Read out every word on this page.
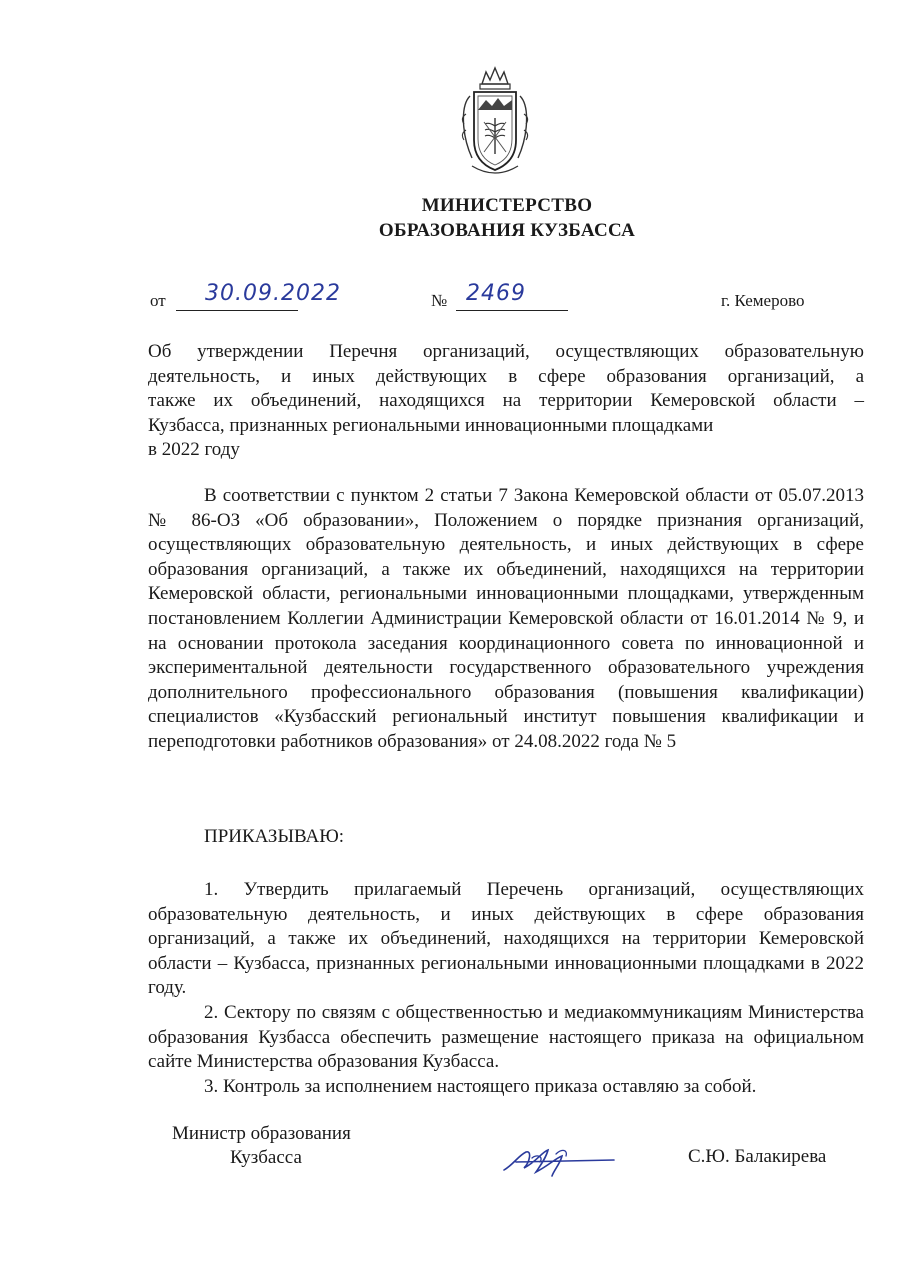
МИНИСТЕРСТВО
ОБРАЗОВАНИЯ КУЗБАССА
от 30.09.2022	№ 2469	г. Кемерово
Об утверждении Перечня организаций, осуществляющих образовательную
деятельность, и иных действующих в сфере образования организаций, а
также их объединений, находящихся на территории Кемеровской области –
Кузбасса, признанных региональными инновационными площадками
в 2022 году

В соответствии с пунктом 2 статьи 7 Закона Кемеровской области от 05.07.2013 № 86-ОЗ «Об образовании», Положением о порядке признания организаций, осуществляющих образовательную деятельность, и иных действующих в сфере образования организаций, а также их объединений, находящихся на территории Кемеровской области, региональными инновационными площадками, утвержденным постановлением Коллегии Администрации Кемеровской области от 16.01.2014 № 9, и на основании протокола заседания координационного совета по инновационной и экспериментальной деятельности государственного образовательного учреждения дополнительного профессионального образования (повышения квалификации) специалистов «Кузбасский региональный институт повышения квалификации и переподготовки работников образования» от 24.08.2022 года № 5

ПРИКАЗЫВАЮ:

1. Утвердить прилагаемый Перечень организаций, осуществляющих образовательную деятельность, и иных действующих в сфере образования организаций, а также их объединений, находящихся на территории Кемеровской области – Кузбасса, признанных региональными инновационными площадками в 2022 году.

2. Сектору по связям с общественностью и медиакоммуникациям Министерства образования Кузбасса обеспечить размещение настоящего приказа на официальном сайте Министерства образования Кузбасса.

3. Контроль за исполнением настоящего приказа оставляю за собой.

Министр образования
Кузбасса	С.Ю. Балакирева
